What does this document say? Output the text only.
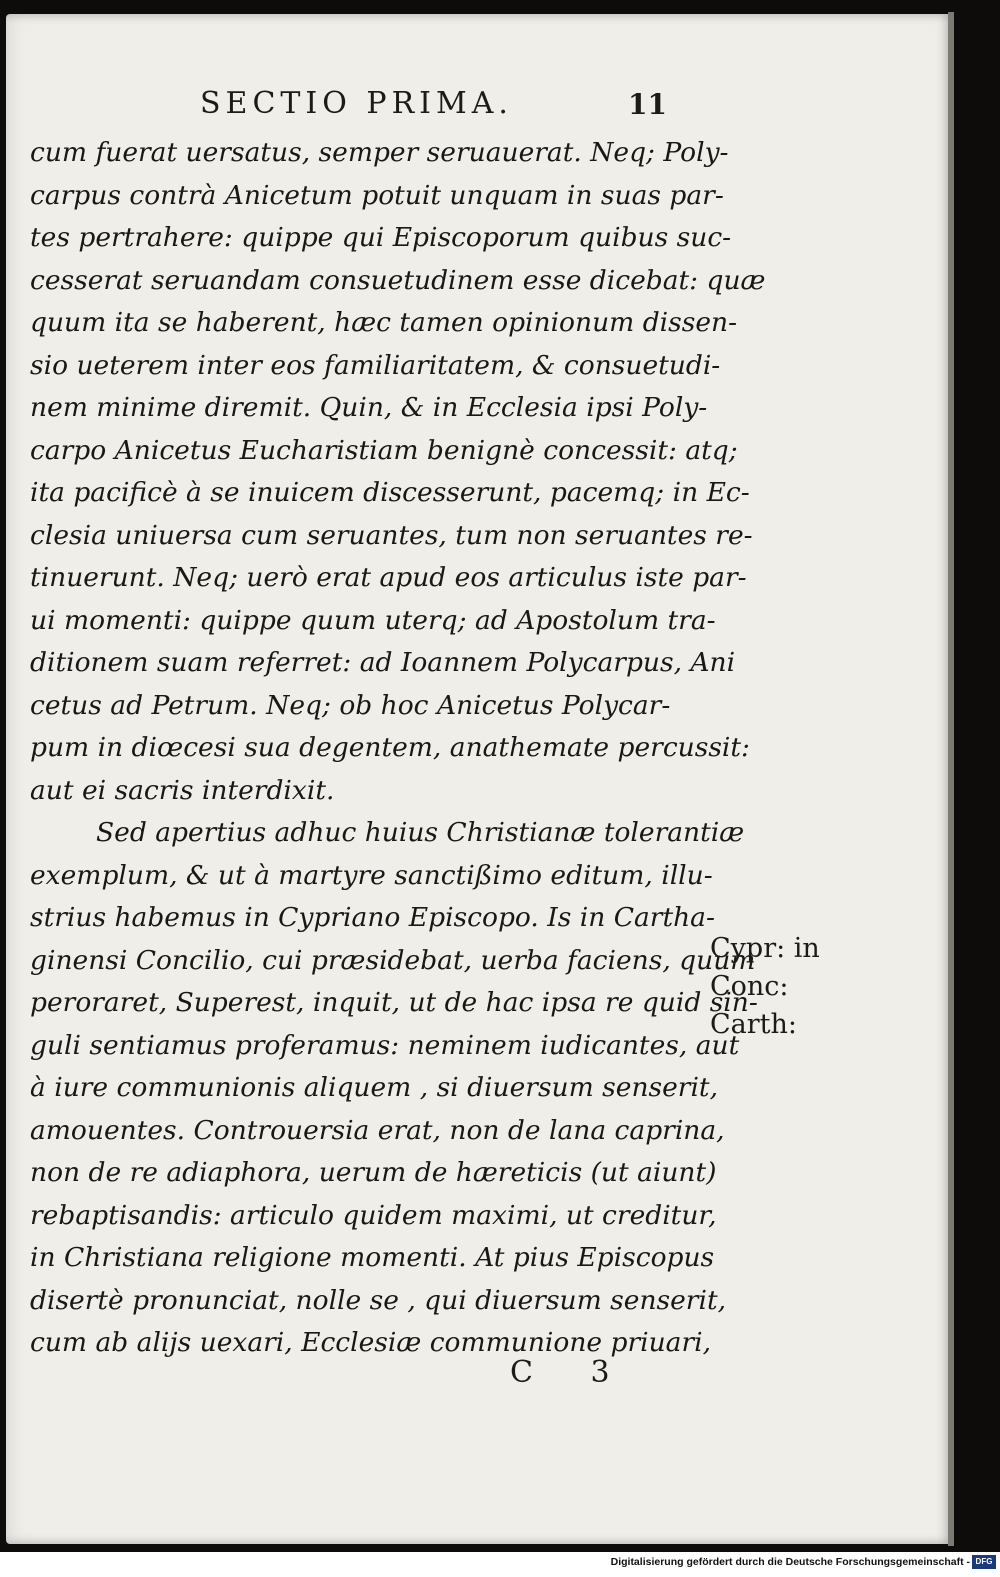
SECTIO PRIMA.	11
cum fuerat uersatus, semper seruauerat. Neq; Poly-
carpus contrà Anicetum potuit unquam in suas par-
tes pertrahere: quippe qui Episcoporum quibus suc-
cesserat seruandam consuetudinem esse dicebat: quæ
quum ita se haberent, hæc tamen opinionum dissen-
sio ueterem inter eos familiaritatem, & consuetudi-
nem minime diremit. Quin, & in Ecclesia ipsi Poly-
carpo Anicetus Eucharistiam benignè concessit: atq;
ita pacificè à se inuicem discesserunt, pacemq; in Ec-
clesia uniuersa cum seruantes, tum non seruantes re-
tinuerunt. Neq; uerò erat apud eos articulus iste par-
ui momenti: quippe quum uterq; ad Apostolum tra-
ditionem suam referret: ad Ioannem Polycarpus, Ani
cetus ad Petrum. Neq; ob hoc Anicetus Polycar-
pum in diœcesi sua degentem, anathemate percussit:
aut ei sacris interdixit.
Sed apertius adhuc huius Christianæ tolerantiæ
exemplum, & ut à martyre sanctißimo editum, illu-
strius habemus in Cypriano Episcopo. Is in Cartha-
ginensi Concilio, cui præsidebat, uerba faciens, quum
peroraret, Superest, inquit, ut de hac ipsa re quid sin-
guli sentiamus proferamus: neminem iudicantes, aut
à iure communionis aliquem , si diuersum senserit,
amouentes. Controuersia erat, non de lana caprina,
non de re adiaphora, uerum de hæreticis (ut aiunt)
rebaptisandis: articulo quidem maximi, ut creditur,
in Christiana religione momenti. At pius Episcopus
disertè pronunciat, nolle se , qui diuersum senserit,
cum ab alijs uexari, Ecclesiæ communione priuari,
Cypr: in
Conc:
Carth:
C 3
Digitalisierung gefördert durch die Deutsche Forschungsgemeinschaft - DFG
